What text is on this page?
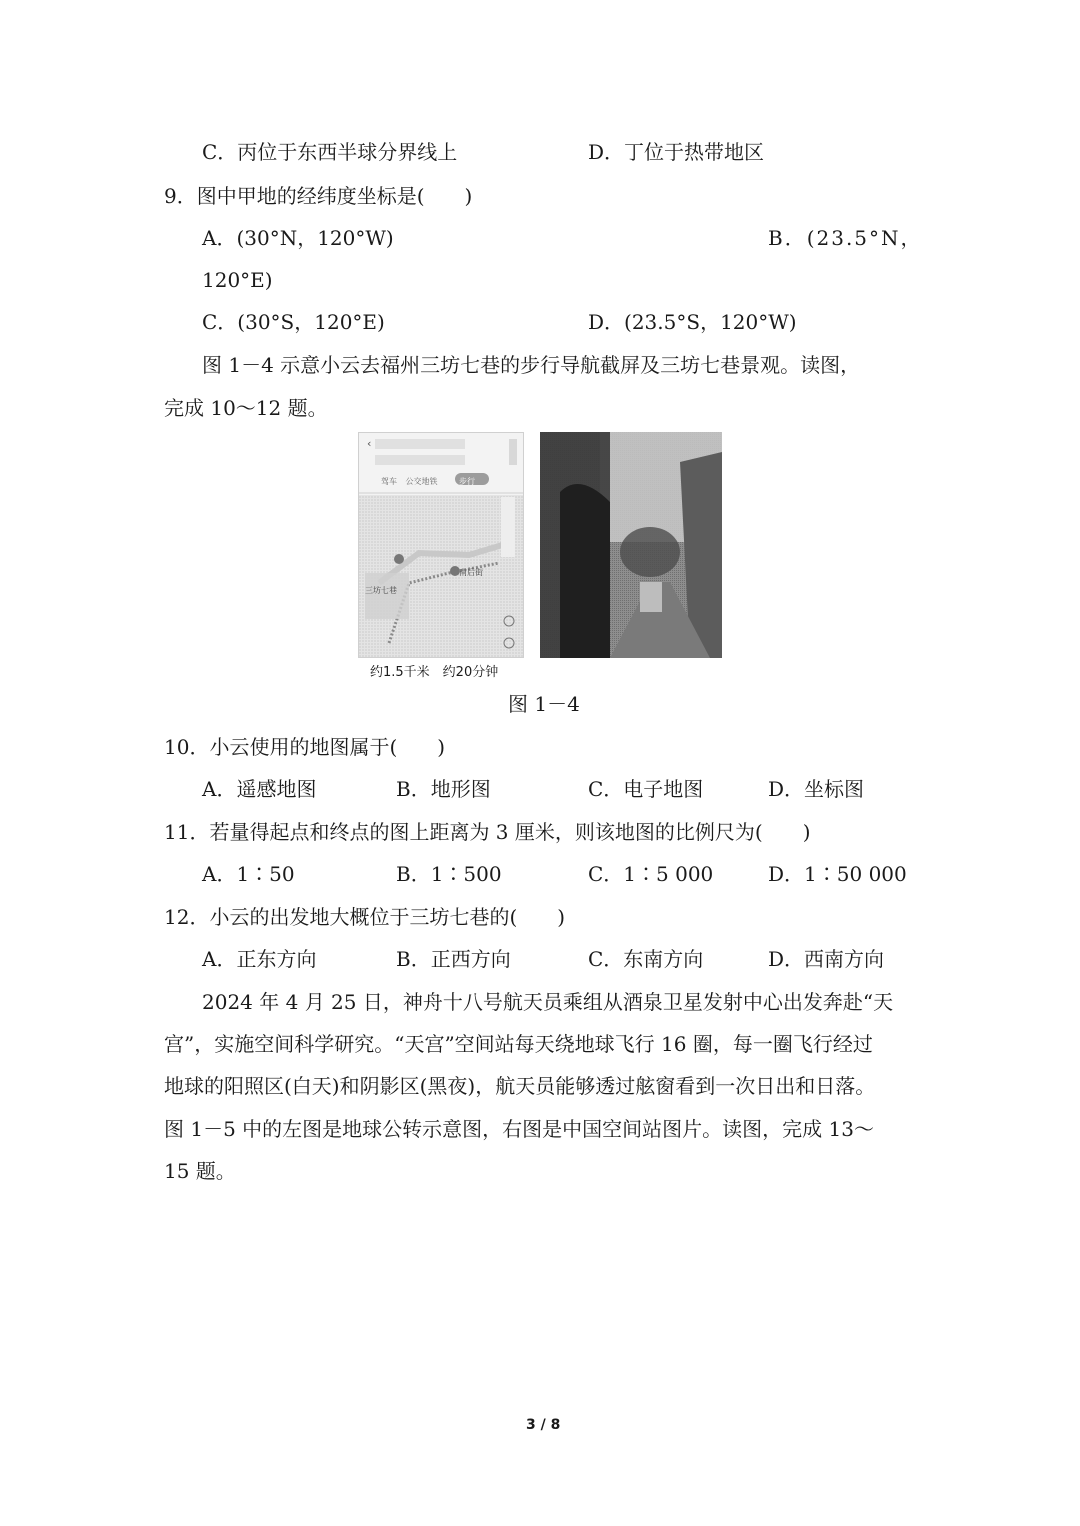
C．丙位于东西半球分界线上	D．丁位于热带地区
9．图中甲地的经纬度坐标是(　　)
A．(30°N，120°W)	B．(23.5°N，
120°E)
C．(30°S，120°E)	D．(23.5°S，120°W)
图 1－4 示意小云去福州三坊七巷的步行导航截屏及三坊七巷景观。读图，
完成 10～12 题。
‹
驾车 公交地铁	步行
三坊七巷
南后街
约1.5千米　约20分钟
图 1－4
10．小云使用的地图属于(　　)
A．遥感地图	B．地形图	C．电子地图	D．坐标图
11．若量得起点和终点的图上距离为 3 厘米，则该地图的比例尺为(　　)
A．1∶50	B．1∶500	C．1∶5 000	D．1∶50 000
12．小云的出发地大概位于三坊七巷的(　　)
A．正东方向	B．正西方向	C．东南方向	D．西南方向
2024 年 4 月 25 日，神舟十八号航天员乘组从酒泉卫星发射中心出发奔赴“天
宫”，实施空间科学研究。“天宫”空间站每天绕地球飞行 16 圈，每一圈飞行经过
地球的阳照区(白天)和阴影区(黑夜)，航天员能够透过舷窗看到一次日出和日落。
图 1－5 中的左图是地球公转示意图，右图是中国空间站图片。读图，完成 13～
15 题。
3 / 8
